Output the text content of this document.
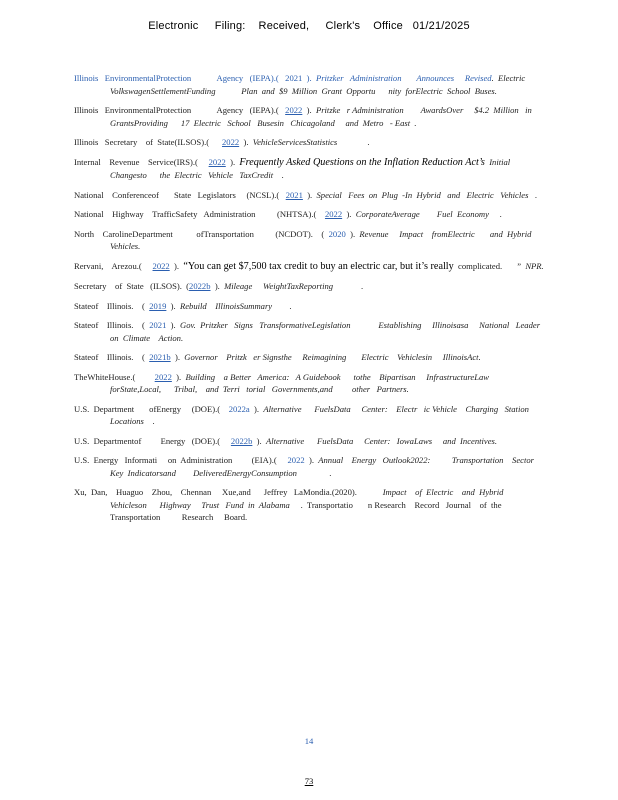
Electronic     Filing:    Received,     Clerk's    Office   01/21/2025
Illinois   EnvironmentalProtection            Agency   (IEPA).(   2021  ).  Pritzker   Administration       Announces     Revised.  Electric   VolkswagenSettlementFunding            Plan  and  $9  Million  Grant  Opportu      nity  forElectric  School  Buses.
Illinois   EnvironmentalProtection            Agency   (IEPA).(   2022  ).  Pritzke   r Administration        AwardsOver     $4.2  Million   in  GrantsProviding      17  Electric   School   Busesin   Chicagoland     and  Metro   - East  .
Illinois   Secretary    of  State(ILSOS).(      2022  ).  VehicleServicesStatistics              .
Internal    Revenue    Service(IRS).(     2022  ).  Frequently Asked Questions on the Inflation Reduction Act’s  Initial   Changesto      the  Electric   Vehicle   TaxCredit    .
National    Conferenceof       State   Legislators     (NCSL).(   2021  ).  Special   Fees  on  Plug  -In  Hybrid   and   Electric   Vehicles   .
National    Highway    TrafficSafety   Administration          (NHTSA).(    2022  ).  CorporateAverage        Fuel  Economy     .
North    CarolineDepartment           ofTransportation          (NCDOT).    (  2020  ).  Revenue     Impact    fromElectric       and  Hybrid   Vehicles.
Rervani,    Arezou.(     2022  ).  “You can get $7,500 tax credit to buy an electric car, but it’s really  complicated.       ”  NPR.
Secretary    of  State   (ILSOS).  (2022b  ).  Mileage     WeightTaxReporting             .
Stateof    Illinois.    (  2019  ).  Rebuild    IllinoisSummary        .
Stateof    Illinois.    (  2021  ).  Gov.  Pritzker   Signs   TransformativeLegislation             Establishing     Illinoisasa     National   Leader    on  Climate    Action.
Stateof    Illinois.    (  2021b  ).  Governor    Pritzk   er Signsthe     Reimagining       Electric    Vehiclesin     IllinoisAct.
TheWhiteHouse.(         2022  ).  Building    a Better   America:   A Guidebook      tothe    Bipartisan     InfrastructureLaw   forState,Local,      Tribal,    and  Terri   torial   Governments,and         other   Partners.
U.S.  Department       ofEnergy     (DOE).(    2022a  ).  Alternative      FuelsData     Center:    Electr   ic Vehicle    Charging   Station    Locations    .
U.S.  Departmentof         Energy   (DOE).(     2022b  ).  Alternative      FuelsData     Center:   IowaLaws     and  Incentives.
U.S.  Energy   Informati     on  Administration         (EIA).(     2022  ).  Annual    Energy   Outlook2022:          Transportation    Sector    Key  Indicatorsand        DeliveredEnergyConsumption               .
Xu,  Dan,    Huaguo    Zhou,    Chennan     Xue,and      Jeffrey   LaMondia.(2020).            Impact    of  Electric    and  Hybrid   Vehicleson      Highway     Trust   Fund  in  Alabama     .  Transportatio       n Research    Record   Journal    of  the  Transportation          Research     Board.
14
73
